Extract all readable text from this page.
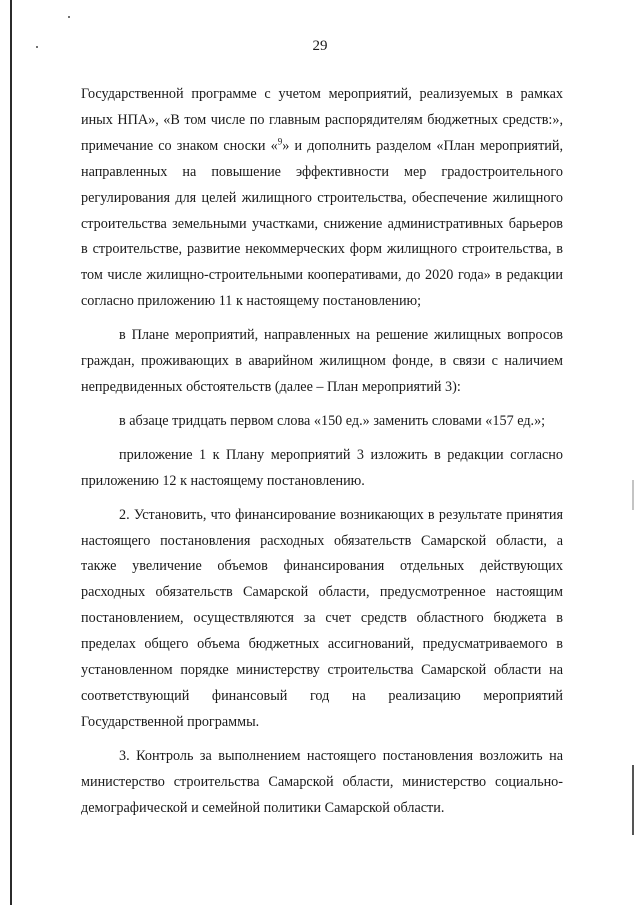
29

Государственной программе с учетом мероприятий, реализуемых в рамках иных НПА», «В том числе по главным распорядителям бюджетных средств:», примечание со знаком сноски «$^9$» и дополнить разделом «План мероприятий, направленных на повышение эффективности мер градостроительного регулирования для целей жилищного строительства, обеспечение жилищного строительства земельными участками, снижение административных барьеров в строительстве, развитие некоммерческих форм жилищного строительства, в том числе жилищно-строительными кооперативами, до 2020 года» в редакции согласно приложению 11 к настоящему постановлению;

в Плане мероприятий, направленных на решение жилищных вопросов граждан, проживающих в аварийном жилищном фонде, в связи с наличием непредвиденных обстоятельств (далее – План мероприятий 3):

в абзаце тридцать первом слова «150 ед.» заменить словами «157 ед.»;

приложение 1 к Плану мероприятий 3 изложить в редакции согласно приложению 12 к настоящему постановлению.

2. Установить, что финансирование возникающих в результате принятия настоящего постановления расходных обязательств Самарской области, а также увеличение объемов финансирования отдельных действующих расходных обязательств Самарской области, предусмотренное настоящим постановлением, осуществляются за счет средств областного бюджета в пределах общего объема бюджетных ассигнований, предусматриваемого в установленном порядке министерству строительства Самарской области на соответствующий финансовый год на реализацию мероприятий Государственной программы.

3. Контроль за выполнением настоящего постановления возложить на министерство строительства Самарской области, министерство социально-демографической и семейной политики Самарской области.
